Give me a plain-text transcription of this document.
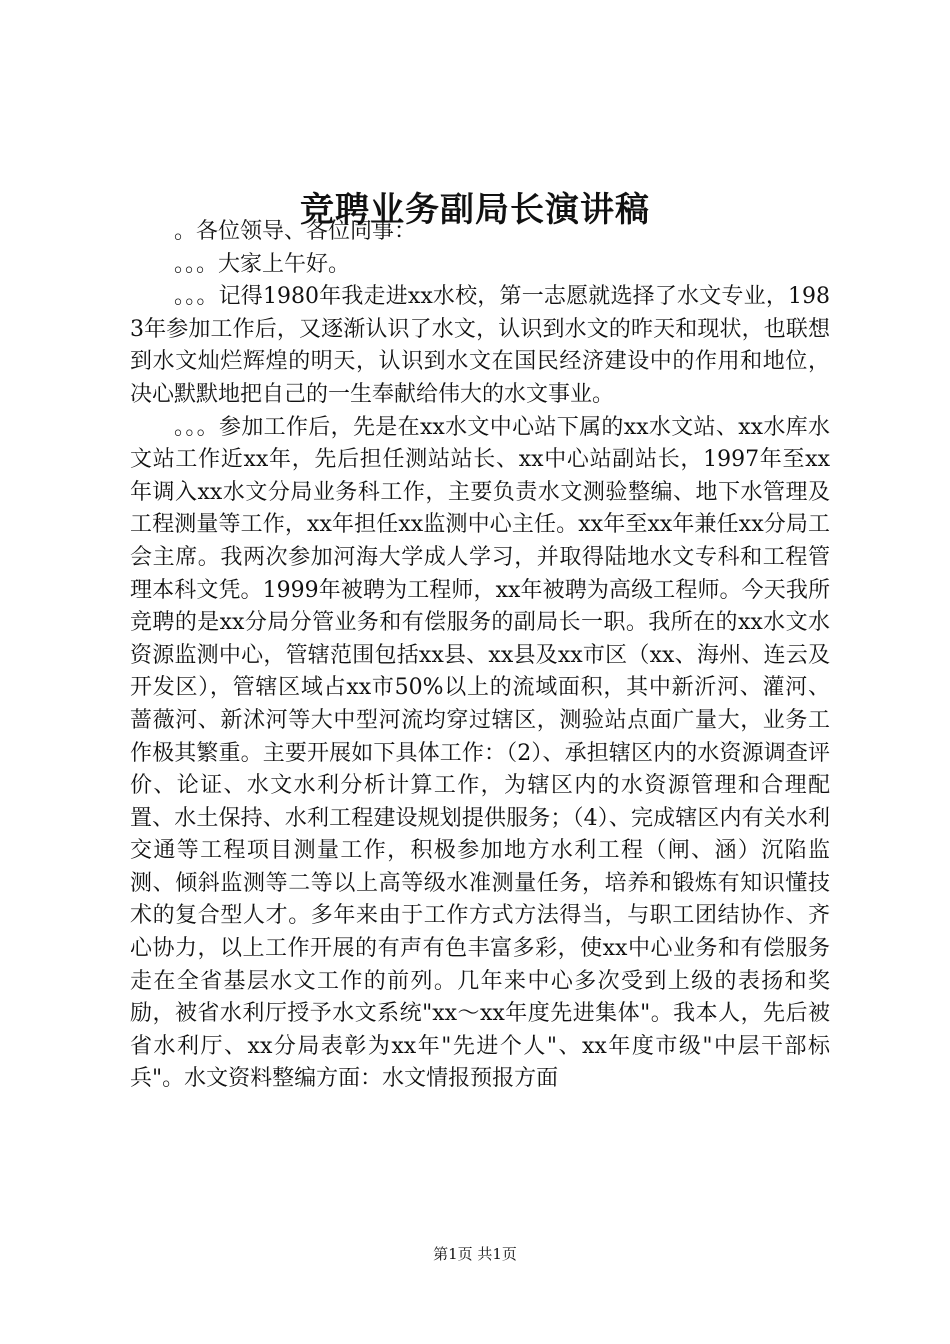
竞聘业务副局长演讲稿

。各位领导、各位同事：

。。。大家上午好。

。。。记得1980年我走进xx水校，第一志愿就选择了水文专业，1983年参加工作后，又逐渐认识了水文，认识到水文的昨天和现状，也联想到水文灿烂辉煌的明天，认识到水文在国民经济建设中的作用和地位，决心默默地把自己的一生奉献给伟大的水文事业。

。。。参加工作后，先是在xx水文中心站下属的xx水文站、xx水库水文站工作近xx年，先后担任测站站长、xx中心站副站长，1997年至xx年调入xx水文分局业务科工作，主要负责水文测验整编、地下水管理及工程测量等工作，xx年担任xx监测中心主任。xx年至xx年兼任xx分局工会主席。我两次参加河海大学成人学习，并取得陆地水文专科和工程管理本科文凭。1999年被聘为工程师，xx年被聘为高级工程师。今天我所竞聘的是xx分局分管业务和有偿服务的副局长一职。我所在的xx水文水资源监测中心，管辖范围包括xx县、xx县及xx市区（xx、海州、连云及开发区），管辖区域占xx市50%以上的流域面积，其中新沂河、灌河、蔷薇河、新沭河等大中型河流均穿过辖区，测验站点面广量大，业务工作极其繁重。主要开展如下具体工作：（2）、承担辖区内的水资源调查评价、论证、水文水利分析计算工作，为辖区内的水资源管理和合理配置、水土保持、水利工程建设规划提供服务；（4）、完成辖区内有关水利交通等工程项目测量工作，积极参加地方水利工程（闸、涵）沉陷监测、倾斜监测等二等以上高等级水准测量任务，培养和锻炼有知识懂技术的复合型人才。多年来由于工作方式方法得当，与职工团结协作、齐心协力，以上工作开展的有声有色丰富多彩，使xx中心业务和有偿服务走在全省基层水文工作的前列。几年来中心多次受到上级的表扬和奖励，被省水利厅授予水文系统"xx～xx年度先进集体"。我本人，先后被省水利厅、xx分局表彰为xx年"先进个人"、xx年度市级"中层干部标兵"。水文资料整编方面：水文情报预报方面

第1页 共1页
